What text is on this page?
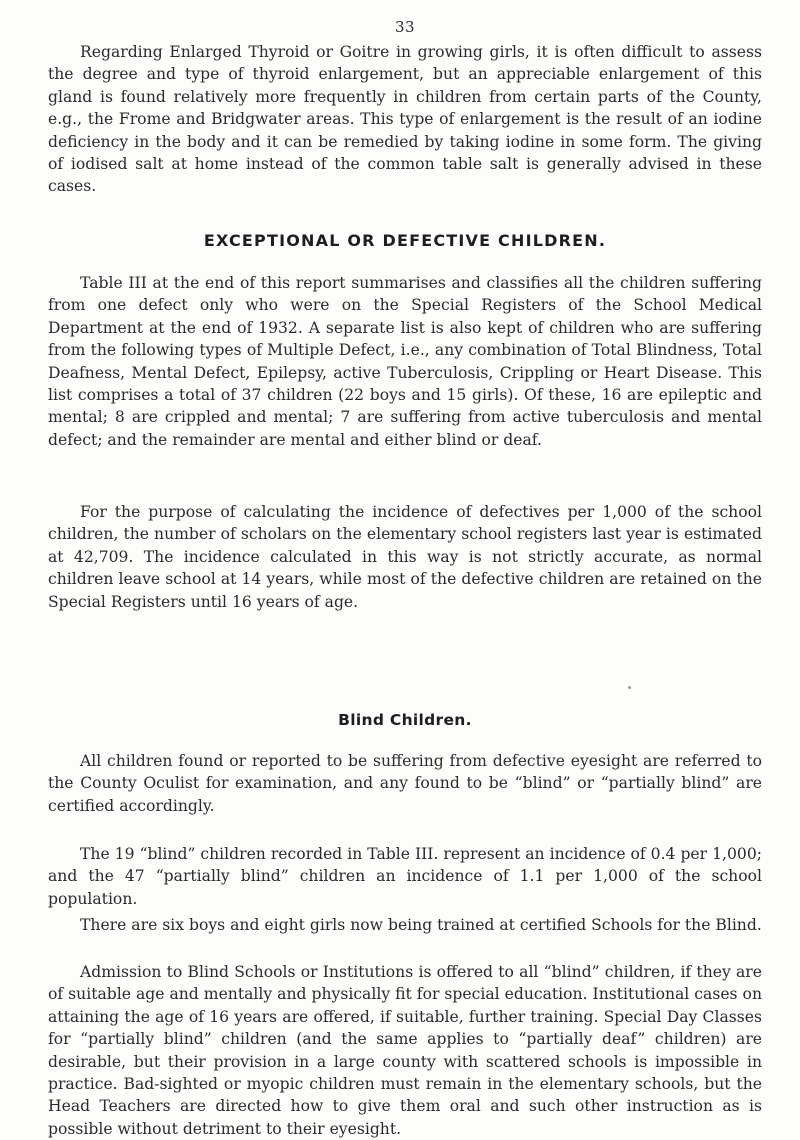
33

Regarding Enlarged Thyroid or Goitre in growing girls, it is often difficult to assess the degree and type of thyroid enlargement, but an appreciable enlargement of this gland is found relatively more frequently in children from certain parts of the County, e.g., the Frome and Bridgwater areas. This type of enlargement is the result of an iodine deficiency in the body and it can be remedied by taking iodine in some form. The giving of iodised salt at home instead of the common table salt is generally advised in these cases.

EXCEPTIONAL OR DEFECTIVE CHILDREN.

Table III at the end of this report summarises and classifies all the children suffering from one defect only who were on the Special Registers of the School Medical Department at the end of 1932. A separate list is also kept of children who are suffering from the following types of Multiple Defect, i.e., any combination of Total Blindness, Total Deafness, Mental Defect, Epilepsy, active Tuberculosis, Crippling or Heart Disease. This list comprises a total of 37 children (22 boys and 15 girls). Of these, 16 are epileptic and mental; 8 are crippled and mental; 7 are suffering from active tuberculosis and mental defect; and the remainder are mental and either blind or deaf.

For the purpose of calculating the incidence of defectives per 1,000 of the school children, the number of scholars on the elementary school registers last year is estimated at 42,709. The incidence calculated in this way is not strictly accurate, as normal children leave school at 14 years, while most of the defective children are retained on the Special Registers until 16 years of age.

Blind Children.

All children found or reported to be suffering from defective eyesight are referred to the County Oculist for examination, and any found to be “blind” or “partially blind” are certified accordingly.

The 19 “blind” children recorded in Table III. represent an incidence of 0.4 per 1,000; and the 47 “partially blind” children an incidence of 1.1 per 1,000 of the school population.

There are six boys and eight girls now being trained at certified Schools for the Blind.

Admission to Blind Schools or Institutions is offered to all “blind” children, if they are of suitable age and mentally and physically fit for special education. Institutional cases on attaining the age of 16 years are offered, if suitable, further training. Special Day Classes for “partially blind” children (and the same applies to “partially deaf” children) are desirable, but their provision in a large county with scattered schools is impossible in practice. Bad-sighted or myopic children must remain in the elementary schools, but the Head Teachers are directed how to give them oral and such other instruction as is possible without detriment to their eyesight.
